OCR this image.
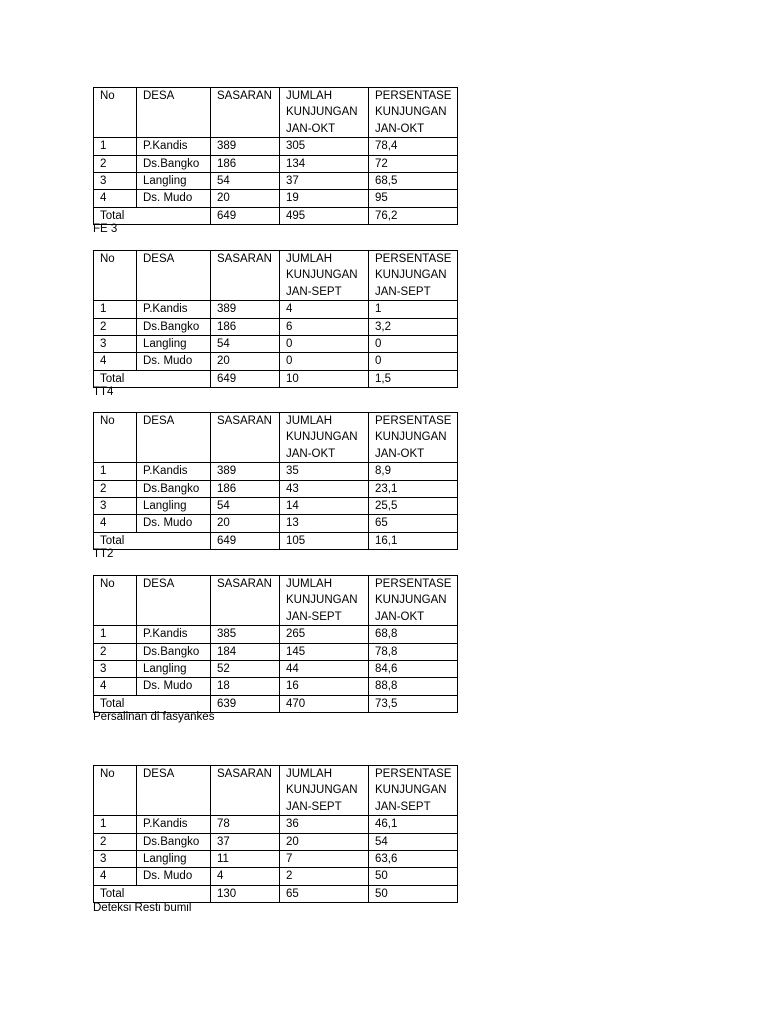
No	DESA	SASARAN	JUMLAH KUNJUNGAN JAN-OKT	PERSENTASE KUNJUNGAN JAN-OKT
1	P.Kandis	389	305	78,4
2	Ds.Bangko	186	134	72
3	Langling	54	37	68,5
4	Ds. Mudo	20	19	95
Total		649	495	76,2
FE 3
No	DESA	SASARAN	JUMLAH KUNJUNGAN JAN-SEPT	PERSENTASE KUNJUNGAN JAN-SEPT
1	P.Kandis	389	4	1
2	Ds.Bangko	186	6	3,2
3	Langling	54	0	0
4	Ds. Mudo	20	0	0
Total		649	10	1,5
TT4
No	DESA	SASARAN	JUMLAH KUNJUNGAN JAN-OKT	PERSENTASE KUNJUNGAN JAN-OKT
1	P.Kandis	389	35	8,9
2	Ds.Bangko	186	43	23,1
3	Langling	54	14	25,5
4	Ds. Mudo	20	13	65
Total		649	105	16,1
TT2
No	DESA	SASARAN	JUMLAH KUNJUNGAN JAN-SEPT	PERSENTASE KUNJUNGAN JAN-OKT
1	P.Kandis	385	265	68,8
2	Ds.Bangko	184	145	78,8
3	Langling	52	44	84,6
4	Ds. Mudo	18	16	88,8
Total		639	470	73,5
Persalinan di fasyankes
No	DESA	SASARAN	JUMLAH KUNJUNGAN JAN-SEPT	PERSENTASE KUNJUNGAN JAN-SEPT
1	P.Kandis	78	36	46,1
2	Ds.Bangko	37	20	54
3	Langling	11	7	63,6
4	Ds. Mudo	4	2	50
Total		130	65	50
Deteksi Resti bumil
